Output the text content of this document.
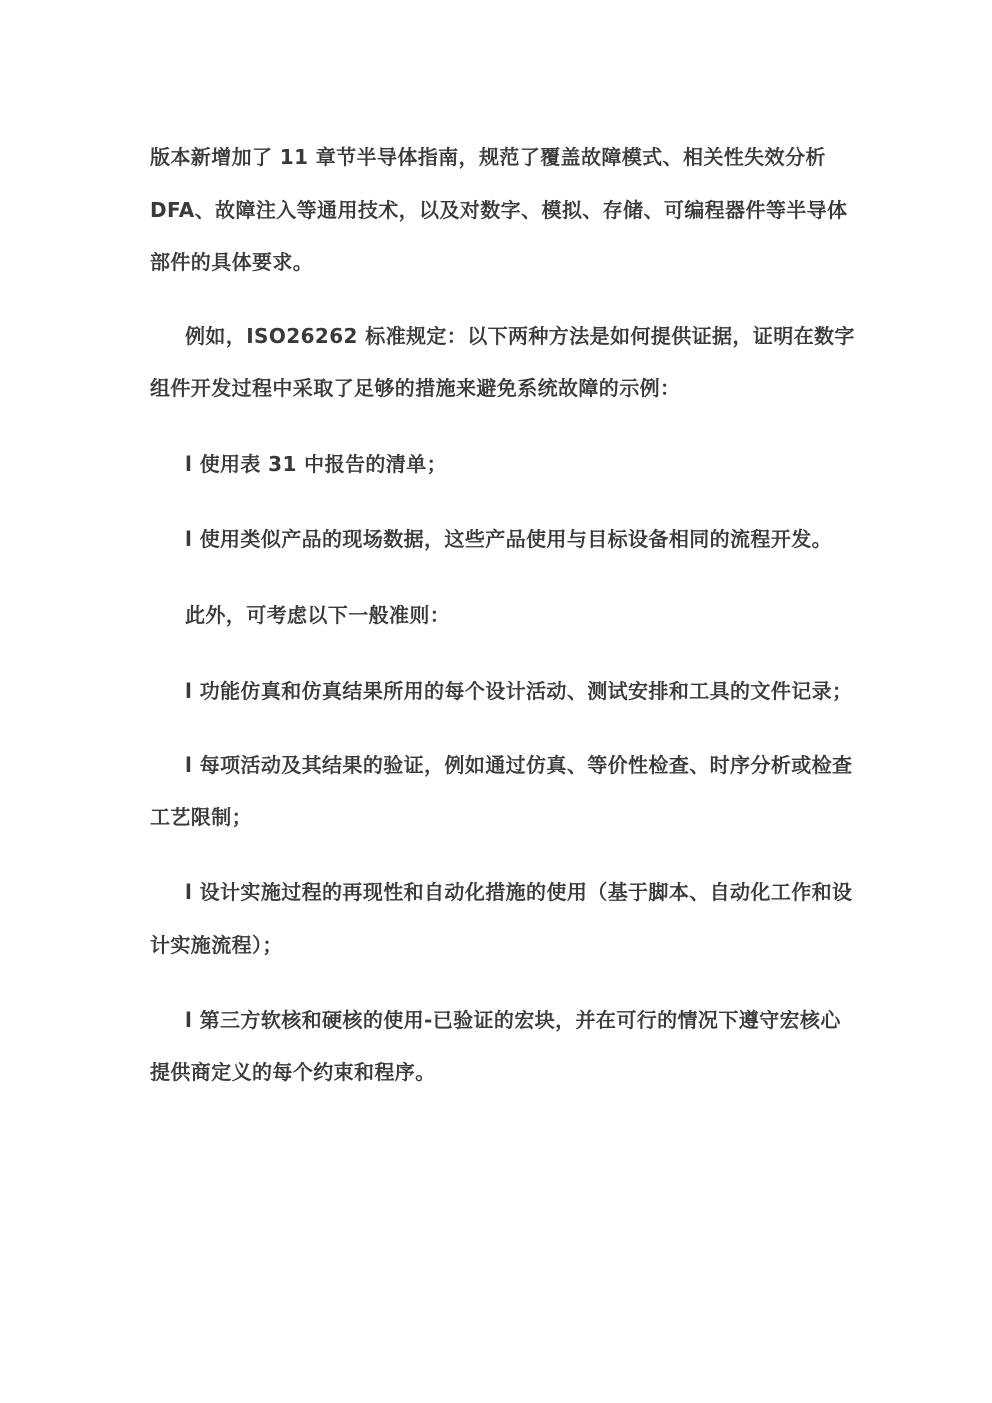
版本新增加了 11 章节半导体指南，规范了覆盖故障模式、相关性失效分析
DFA、故障注入等通用技术，以及对数字、模拟、存储、可编程器件等半导体
部件的具体要求。
例如，ISO26262 标准规定：以下两种方法是如何提供证据，证明在数字
组件开发过程中采取了足够的措施来避免系统故障的示例：
l 使用表 31 中报告的清单；
l 使用类似产品的现场数据，这些产品使用与目标设备相同的流程开发。
此外，可考虑以下一般准则：
l 功能仿真和仿真结果所用的每个设计活动、测试安排和工具的文件记录；
l 每项活动及其结果的验证，例如通过仿真、等价性检查、时序分析或检查
工艺限制；
l 设计实施过程的再现性和自动化措施的使用（基于脚本、自动化工作和设
计实施流程）；
l 第三方软核和硬核的使用‑已验证的宏块，并在可行的情况下遵守宏核心
提供商定义的每个约束和程序。
